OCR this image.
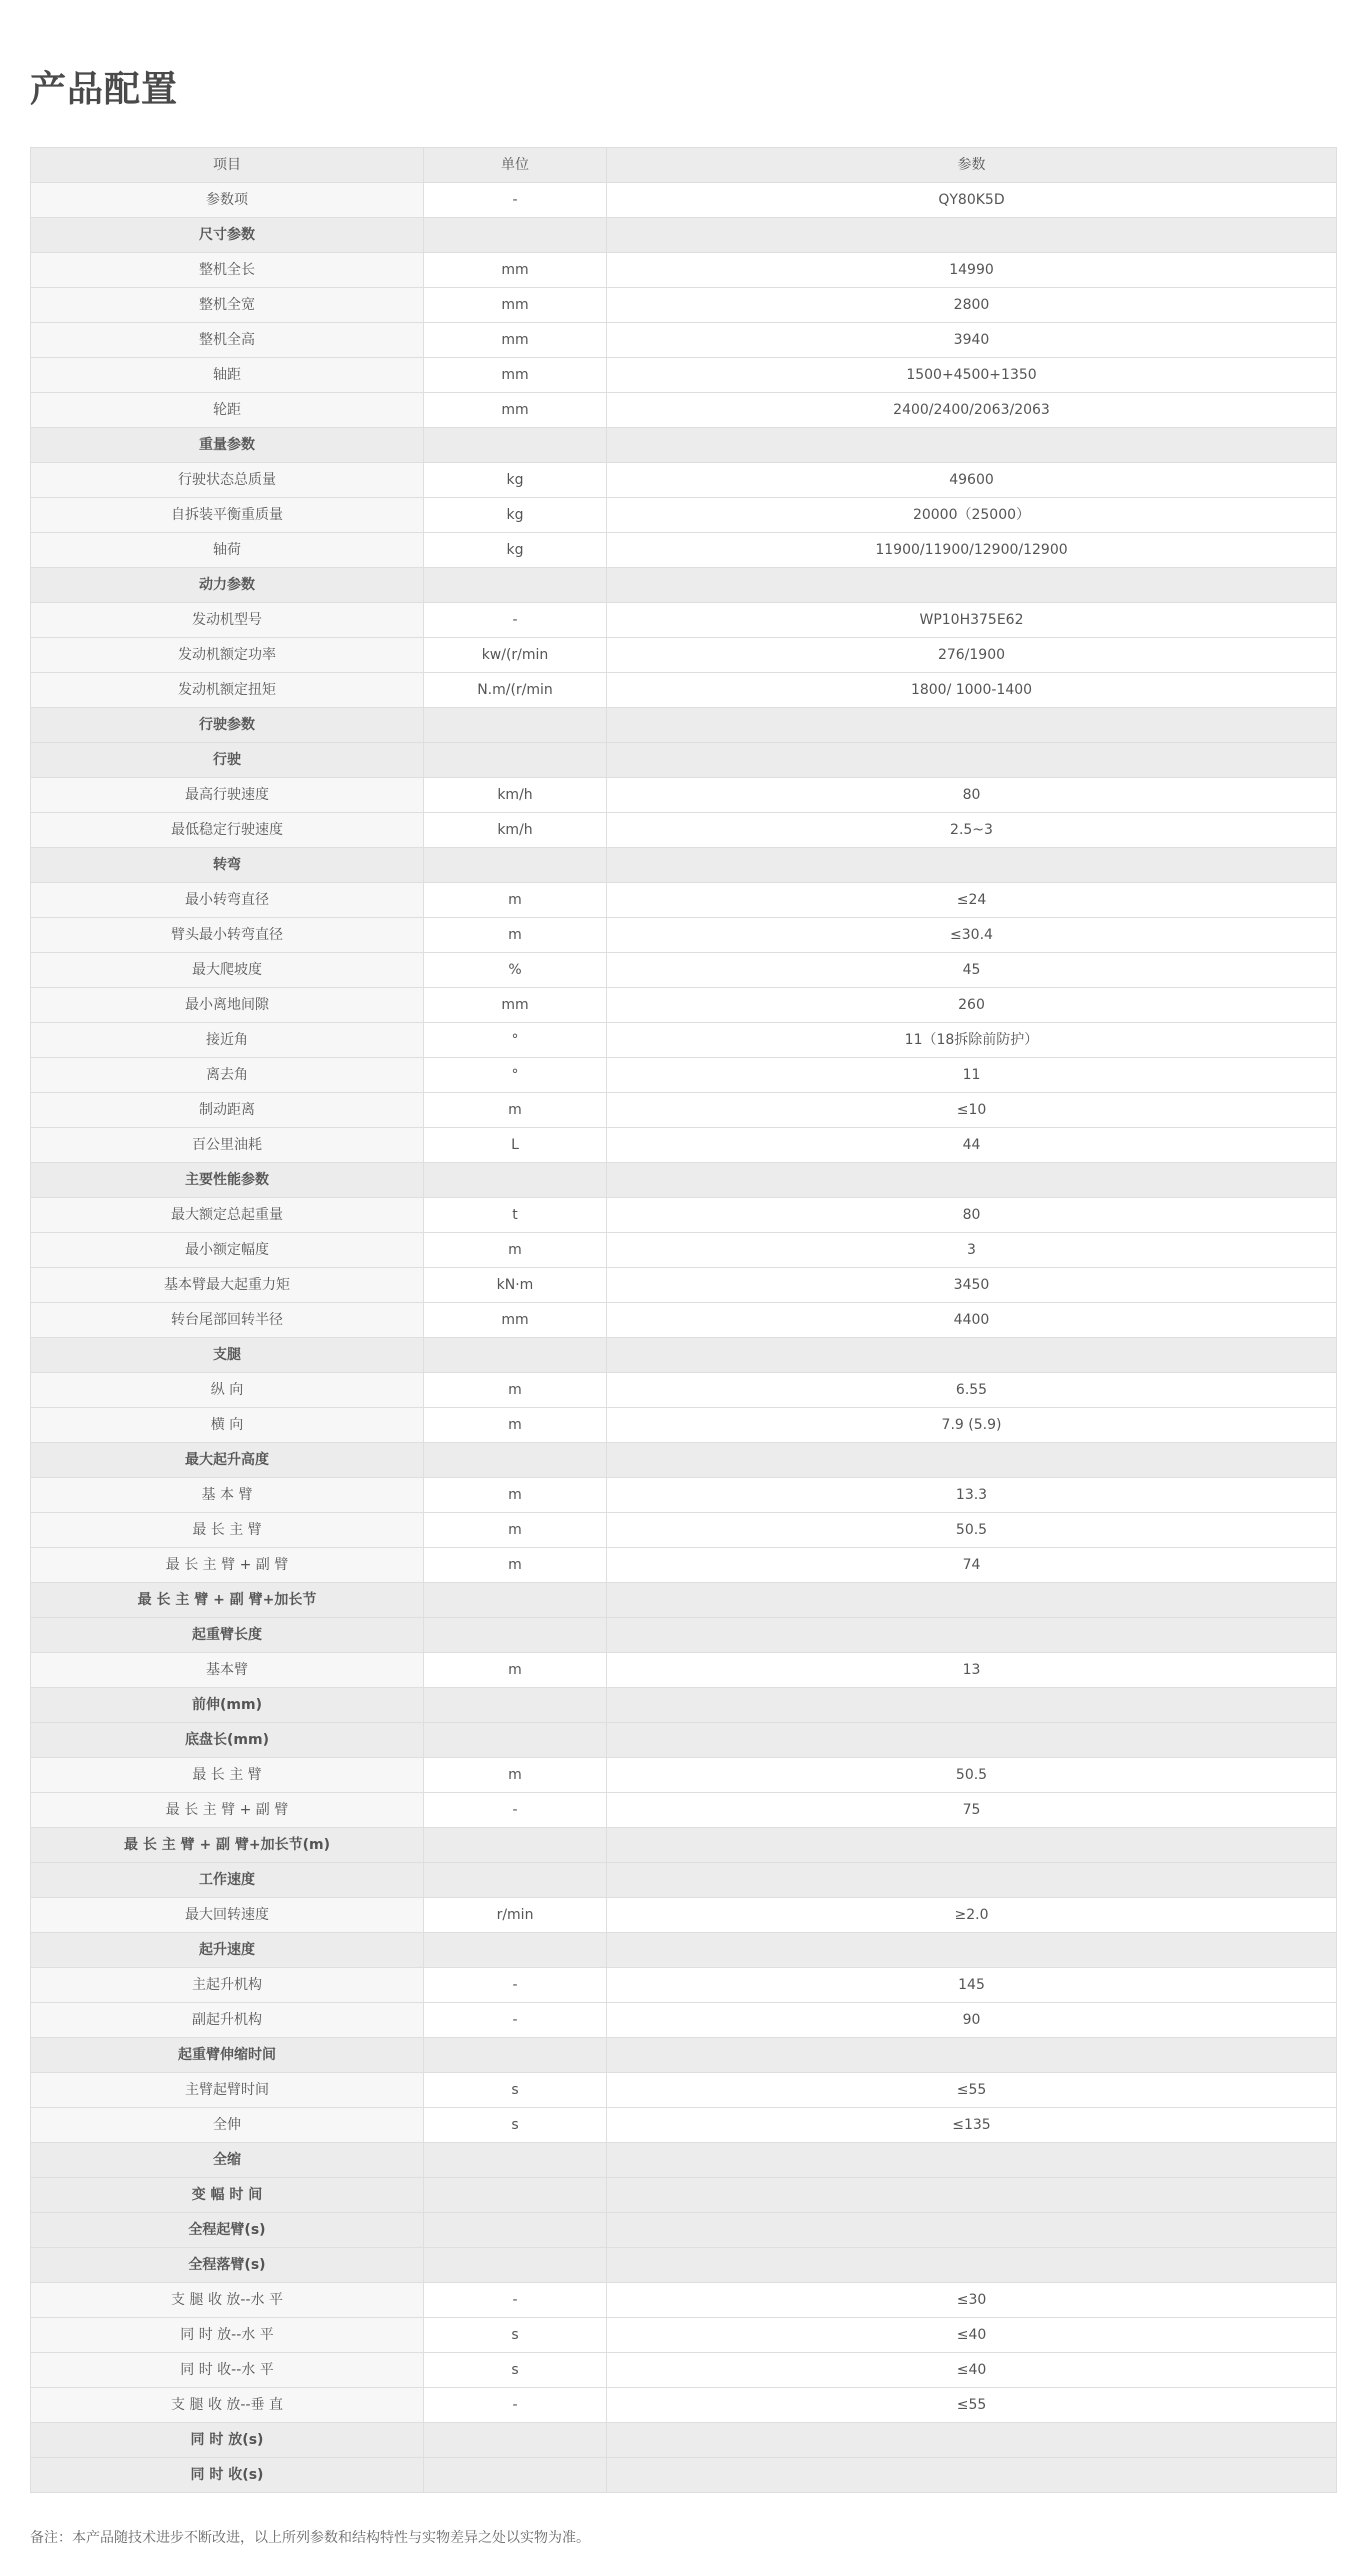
产品配置
项目	单位	参数
参数项	-	QY80K5D
尺寸参数		
整机全长	mm	14990
整机全宽	mm	2800
整机全高	mm	3940
轴距	mm	1500+4500+1350
轮距	mm	2400/2400/2063/2063
重量参数		
行驶状态总质量	kg	49600
自拆装平衡重质量	kg	20000（25000）
轴荷	kg	11900/11900/12900/12900
动力参数		
发动机型号	-	WP10H375E62
发动机额定功率	kw/(r/min	276/1900
发动机额定扭矩	N.m/(r/min	1800/ 1000-1400
行驶参数		
行驶		
最高行驶速度	km/h	80
最低稳定行驶速度	km/h	2.5~3
转弯		
最小转弯直径	m	≤24
臂头最小转弯直径	m	≤30.4
最大爬坡度	%	45
最小离地间隙	mm	260
接近角	°	11（18拆除前防护）
离去角	°	11
制动距离	m	≤10
百公里油耗	L	44
主要性能参数		
最大额定总起重量	t	80
最小额定幅度	m	3
基本臂最大起重力矩	kN·m	3450
转台尾部回转半径	mm	4400
支腿		
纵 向	m	6.55
横 向	m	7.9 (5.9)
最大起升高度		
基 本 臂	m	13.3
最 长 主 臂	m	50.5
最 长 主 臂 + 副 臂	m	74
最 长 主 臂 + 副 臂+加长节		
起重臂长度		
基本臂	m	13
前伸(mm)		
底盘长(mm)		
最 长 主 臂	m	50.5
最 长 主 臂 + 副 臂	-	75
最 长 主 臂 + 副 臂+加长节(m)		
工作速度		
最大回转速度	r/min	≥2.0
起升速度		
主起升机构	-	145
副起升机构	-	90
起重臂伸缩时间		
主臂起臂时间	s	≤55
全伸	s	≤135
全缩		
变 幅 时 间		
全程起臂(s)		
全程落臂(s)		
支 腿 收 放--水 平	-	≤30
同 时 放--水 平	s	≤40
同 时 收--水 平	s	≤40
支 腿 收 放--垂 直	-	≤55
同 时 放(s)		
同 时 收(s)		
备注：本产品随技术进步不断改进，以上所列参数和结构特性与实物差异之处以实物为准。
